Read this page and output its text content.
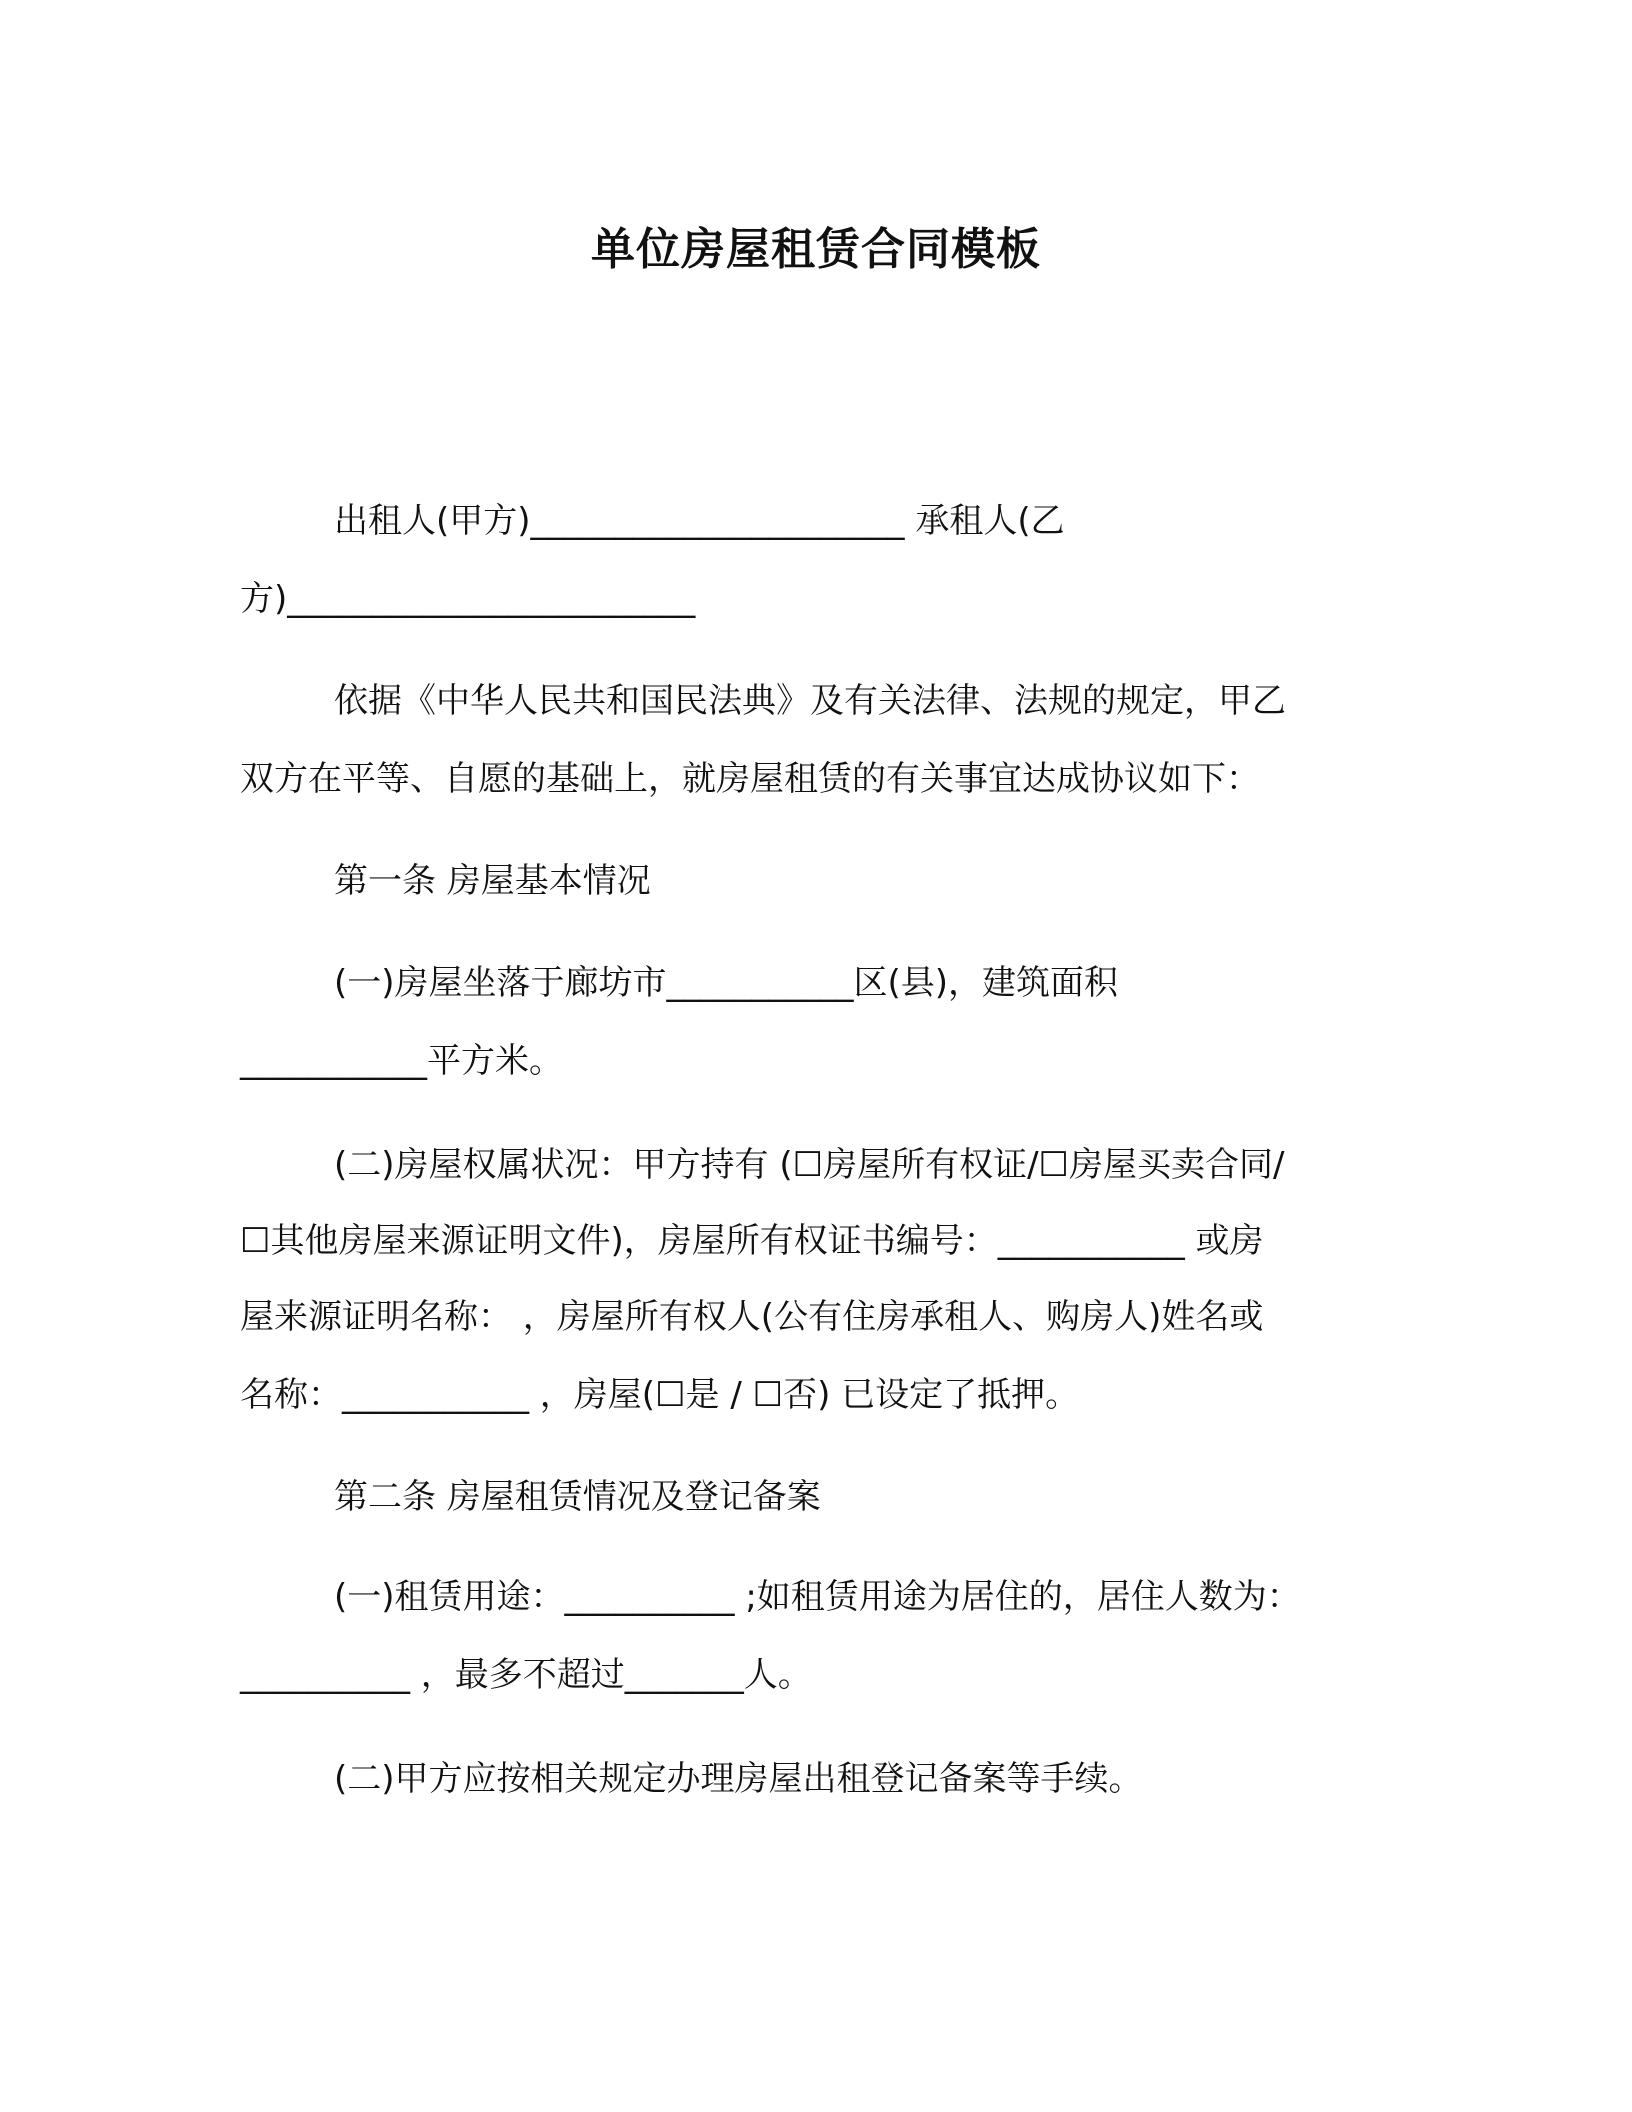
单位房屋租赁合同模板
出租人(甲方)______________________ 承租人(乙
方)________________________
依据《中华人民共和国民法典》及有关法律、法规的规定，甲乙
双方在平等、自愿的基础上，就房屋租赁的有关事宜达成协议如下：
第一条 房屋基本情况
(一)房屋坐落于廊坊市___________区(县)，建筑面积
___________平方米。
(二)房屋权属状况：甲方持有 (☐房屋所有权证/☐房屋买卖合同/
☐其他房屋来源证明文件)，房屋所有权证书编号：___________ 或房
屋来源证明名称： ，房屋所有权人(公有住房承租人、购房人)姓名或
名称：___________ ，房屋(☐是 / ☐否) 已设定了抵押。
第二条 房屋租赁情况及登记备案
(一)租赁用途：__________ ;如租赁用途为居住的，居住人数为：
__________ ，最多不超过_______人。
(二)甲方应按相关规定办理房屋出租登记备案等手续。
